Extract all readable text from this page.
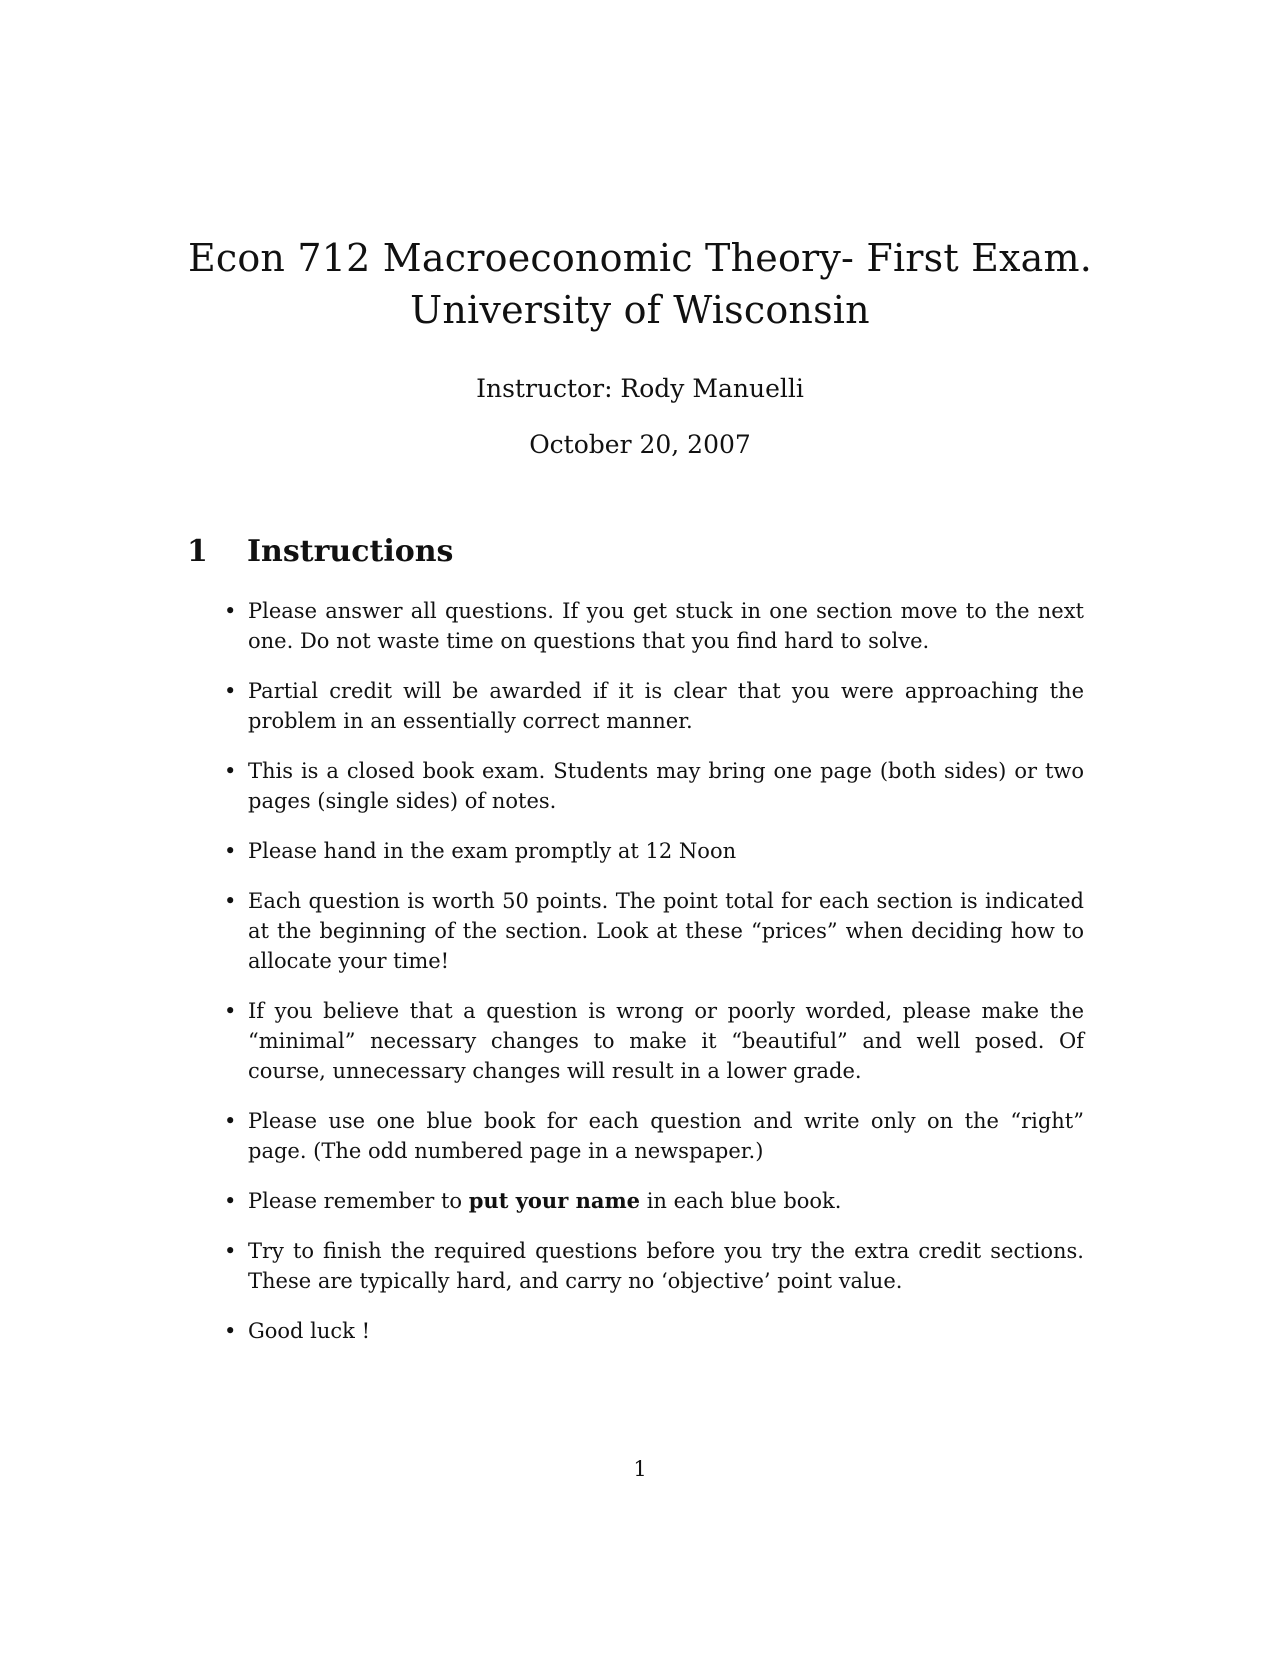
Econ 712 Macroeconomic Theory- First Exam.
University of Wisconsin
Instructor: Rody Manuelli
October 20, 2007
1 Instructions
• Please answer all questions. If you get stuck in one section move to the next one. Do not waste time on questions that you find hard to solve.
• Partial credit will be awarded if it is clear that you were approaching the problem in an essentially correct manner.
• This is a closed book exam. Students may bring one page (both sides) or two pages (single sides) of notes.
• Please hand in the exam promptly at 12 Noon
• Each question is worth 50 points. The point total for each section is indicated at the beginning of the section. Look at these “prices” when deciding how to allocate your time!
• If you believe that a question is wrong or poorly worded, please make the “minimal” necessary changes to make it “beautiful” and well posed. Of course, unnecessary changes will result in a lower grade.
• Please use one blue book for each question and write only on the “right” page. (The odd numbered page in a newspaper.)
• Please remember to put your name in each blue book.
• Try to finish the required questions before you try the extra credit sections. These are typically hard, and carry no ‘objective’ point value.
• Good luck !
1
